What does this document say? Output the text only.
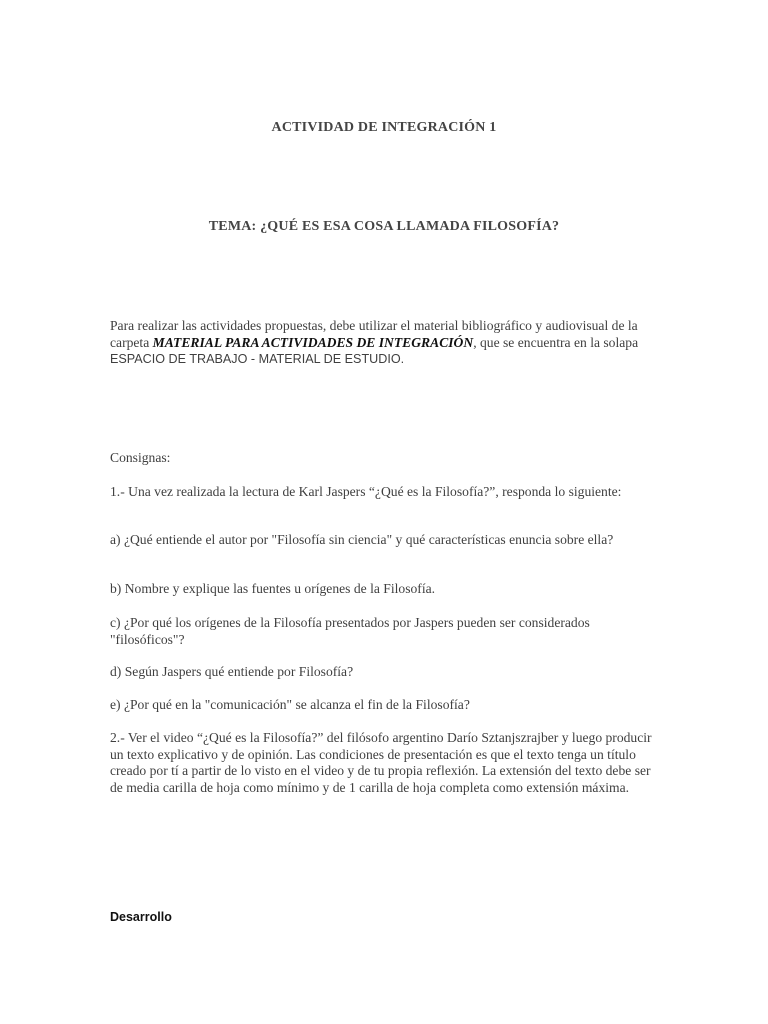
ACTIVIDAD DE INTEGRACIÓN 1
TEMA: ¿QUÉ ES ESA COSA LLAMADA FILOSOFÍA?

Para realizar las actividades propuestas, debe utilizar el material bibliográfico y audiovisual de la carpeta MATERIAL PARA ACTIVIDADES DE INTEGRACIÓN, que se encuentra en la solapa ESPACIO DE TRABAJO - MATERIAL DE ESTUDIO.

Consignas:

1.- Una vez realizada la lectura de Karl Jaspers “¿Qué es la Filosofía?”, responda lo siguiente:

a) ¿Qué entiende el autor por "Filosofía sin ciencia" y qué características enuncia sobre ella?

b) Nombre y explique las fuentes u orígenes de la Filosofía.

c) ¿Por qué los orígenes de la Filosofía presentados por Jaspers pueden ser considerados "filosóficos"?

d) Según Jaspers qué entiende por Filosofía?

e) ¿Por qué en la "comunicación" se alcanza el fin de la Filosofía?

2.- Ver el video “¿Qué es la Filosofía?” del filósofo argentino Darío Sztanjszrajber y luego producir un texto explicativo y de opinión. Las condiciones de presentación es que el texto tenga un título creado por tí a partir de lo visto en el video y de tu propia reflexión. La extensión del texto debe ser de media carilla de hoja como mínimo y de 1 carilla de hoja completa como extensión máxima.

Desarrollo
